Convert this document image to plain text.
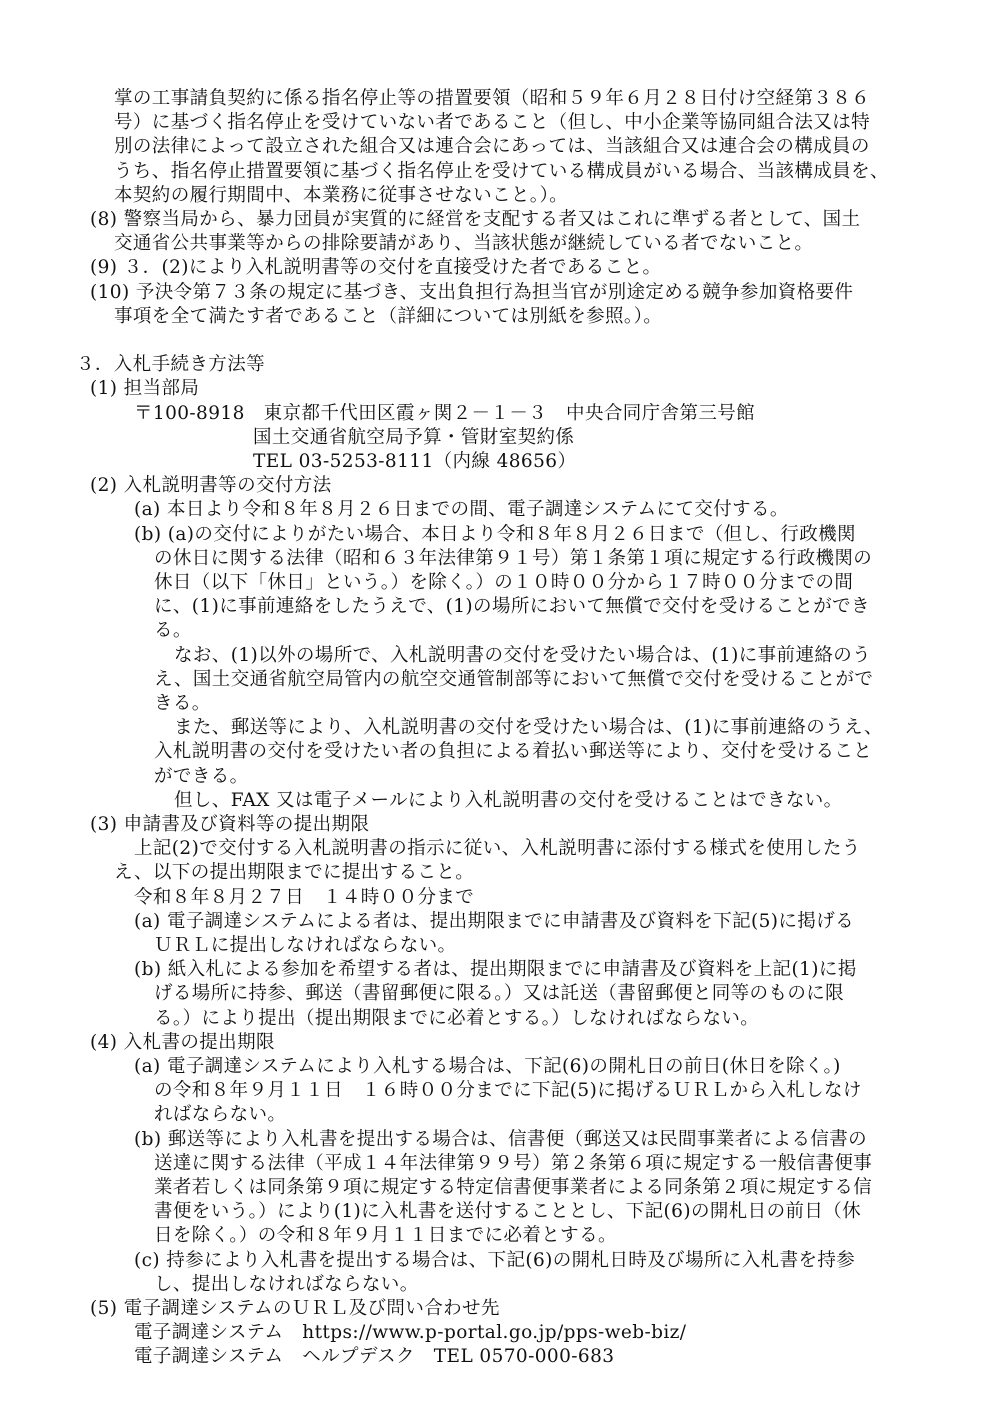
掌の工事請負契約に係る指名停止等の措置要領（昭和５９年６月２８日付け空経第３８６
号）に基づく指名停止を受けていない者であること（但し、中小企業等協同組合法又は特
別の法律によって設立された組合又は連合会にあっては、当該組合又は連合会の構成員の
うち、指名停止措置要領に基づく指名停止を受けている構成員がいる場合、当該構成員を、
本契約の履行期間中、本業務に従事させないこと。）。
(8) 警察当局から、暴力団員が実質的に経営を支配する者又はこれに準ずる者として、国土
交通省公共事業等からの排除要請があり、当該状態が継続している者でないこと。
(9) ３．(2)により入札説明書等の交付を直接受けた者であること。
(10) 予決令第７３条の規定に基づき、支出負担行為担当官が別途定める競争参加資格要件
事項を全て満たす者であること（詳細については別紙を参照。）。
３．入札手続き方法等
(1) 担当部局
〒100-8918　東京都千代田区霞ヶ関２－１－３　中央合同庁舎第三号館
国土交通省航空局予算・管財室契約係
TEL 03-5253-8111（内線 48656）
(2) 入札説明書等の交付方法
(a) 本日より令和８年８月２６日までの間、電子調達システムにて交付する。
(b) (a)の交付によりがたい場合、本日より令和８年８月２６日まで（但し、行政機関
の休日に関する法律（昭和６３年法律第９１号）第１条第１項に規定する行政機関の
休日（以下「休日」という。）を除く。）の１０時００分から１７時００分までの間
に、(1)に事前連絡をしたうえで、(1)の場所において無償で交付を受けることができ
る。
なお、(1)以外の場所で、入札説明書の交付を受けたい場合は、(1)に事前連絡のう
え、国土交通省航空局管内の航空交通管制部等において無償で交付を受けることがで
きる。
また、郵送等により、入札説明書の交付を受けたい場合は、(1)に事前連絡のうえ、
入札説明書の交付を受けたい者の負担による着払い郵送等により、交付を受けること
ができる。
但し、FAX 又は電子メールにより入札説明書の交付を受けることはできない。
(3) 申請書及び資料等の提出期限
上記(2)で交付する入札説明書の指示に従い、入札説明書に添付する様式を使用したう
え、以下の提出期限までに提出すること。
令和８年８月２７日　１４時００分まで
(a) 電子調達システムによる者は、提出期限までに申請書及び資料を下記(5)に掲げる
ＵＲＬに提出しなければならない。
(b) 紙入札による参加を希望する者は、提出期限までに申請書及び資料を上記(1)に掲
げる場所に持参、郵送（書留郵便に限る。）又は託送（書留郵便と同等のものに限
る。）により提出（提出期限までに必着とする。）しなければならない。
(4) 入札書の提出期限
(a) 電子調達システムにより入札する場合は、下記(6)の開札日の前日(休日を除く。)
の令和８年９月１１日　１６時００分までに下記(5)に掲げるＵＲＬから入札しなけ
ればならない。
(b) 郵送等により入札書を提出する場合は、信書便（郵送又は民間事業者による信書の
送達に関する法律（平成１４年法律第９９号）第２条第６項に規定する一般信書便事
業者若しくは同条第９項に規定する特定信書便事業者による同条第２項に規定する信
書便をいう。）により(1)に入札書を送付することとし、下記(6)の開札日の前日（休
日を除く。）の令和８年９月１１日までに必着とする。
(c) 持参により入札書を提出する場合は、下記(6)の開札日時及び場所に入札書を持参
し、提出しなければならない。
(5) 電子調達システムのＵＲＬ及び問い合わせ先
電子調達システム　https://www.p-portal.go.jp/pps-web-biz/
電子調達システム　ヘルプデスク　TEL 0570-000-683
